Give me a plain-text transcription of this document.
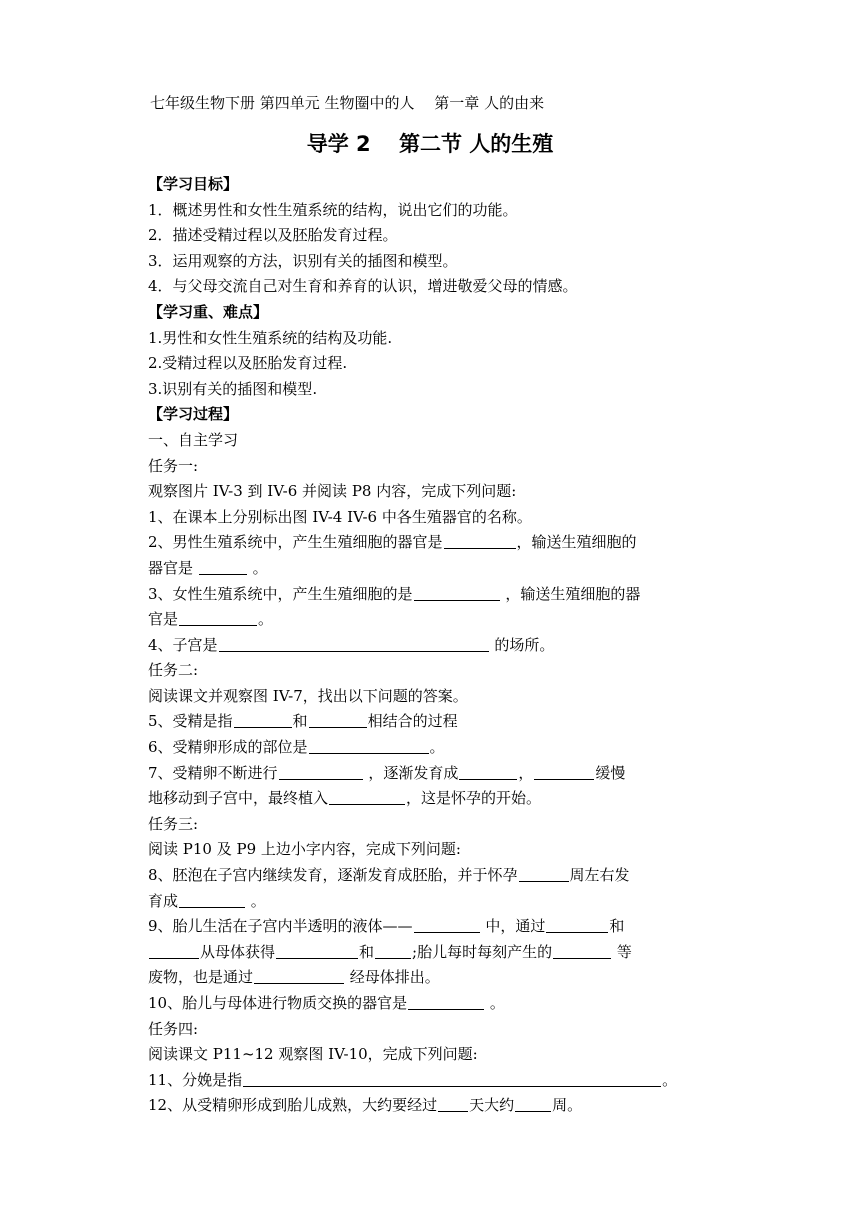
七年级生物下册 第四单元 生物圈中的人　 第一章 人的由来
导学 2　 第二节 人的生殖
【学习目标】
1．概述男性和女性生殖系统的结构，说出它们的功能。
2．描述受精过程以及胚胎发育过程。
3．运用观察的方法，识别有关的插图和模型。
4．与父母交流自己对生育和养育的认识，增进敬爱父母的情感。
【学习重、难点】
1.男性和女性生殖系统的结构及功能.
2.受精过程以及胚胎发育过程.
3.识别有关的插图和模型.
【学习过程】
一、自主学习
任务一:
观察图片 IV-3 到 IV-6 并阅读 P8 内容，完成下列问题:
1、在课本上分别标出图 IV-4 IV-6 中各生殖器官的名称。
2、男性生殖系统中，产生生殖细胞的器官是	，输送生殖细胞的
器官是	。
3、女性生殖系统中，产生生殖细胞的是	，输送生殖细胞的器
官是	。
4、子宫是	的场所。
任务二:
阅读课文并观察图 IV-7，找出以下问题的答案。
5、受精是指	和	相结合的过程
6、受精卵形成的部位是	。
7、受精卵不断进行	，逐渐发育成	，	缓慢
地移动到子宫中，最终植入	，这是怀孕的开始。
任务三:
阅读 P10 及 P9 上边小字内容，完成下列问题:
8、胚泡在子宫内继续发育，逐渐发育成胚胎，并于怀孕	周左右发
育成	。
9、胎儿生活在子宫内半透明的液体——	中，通过	和
从母体获得	和	;胎儿每时每刻产生的	等
废物，也是通过	经母体排出。
10、胎儿与母体进行物质交换的器官是	。
任务四:
阅读课文 P11~12 观察图 IV-10，完成下列问题:
11、分娩是指	。
12、从受精卵形成到胎儿成熟，大约要经过 天大约	周。
